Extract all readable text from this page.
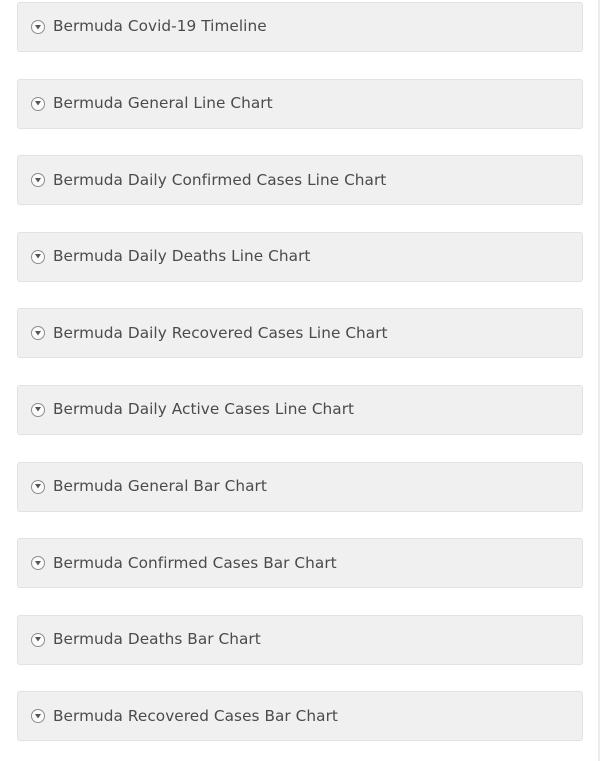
Bermuda Covid-19 Timeline
Bermuda General Line Chart
Bermuda Daily Confirmed Cases Line Chart
Bermuda Daily Deaths Line Chart
Bermuda Daily Recovered Cases Line Chart
Bermuda Daily Active Cases Line Chart
Bermuda General Bar Chart
Bermuda Confirmed Cases Bar Chart
Bermuda Deaths Bar Chart
Bermuda Recovered Cases Bar Chart
